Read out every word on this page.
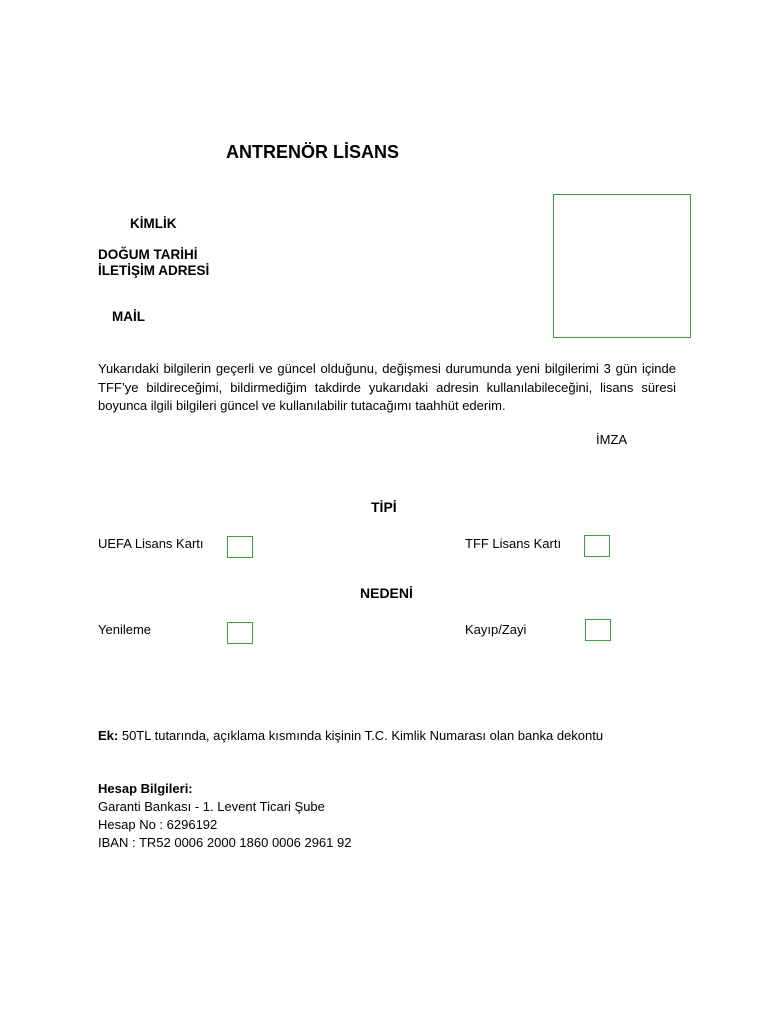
ANTRENÖR LİSANS
KİMLİK
DOĞUM TARİHİ
İLETİŞİM ADRESİ
MAİL
Yukarıdaki bilgilerin geçerli ve güncel olduğunu, değişmesi durumunda yeni bilgilerimi 3 gün içinde TFF’ye bildireceğimi, bildirmediğim takdirde yukarıdaki adresin kullanılabileceğini, lisans süresi boyunca ilgili bilgileri güncel ve kullanılabilir tutacağımı taahhüt ederim.
İMZA
TİPİ
UEFA Lisans Kartı	TFF Lisans Kartı
NEDENİ
Yenileme	Kayıp/Zayi
Ek: 50TL tutarında, açıklama kısmında kişinin T.C. Kimlik Numarası olan banka dekontu
Hesap Bilgileri:
Garanti Bankası - 1. Levent Ticari Şube
Hesap No : 6296192
IBAN : TR52 0006 2000 1860 0006 2961 92
